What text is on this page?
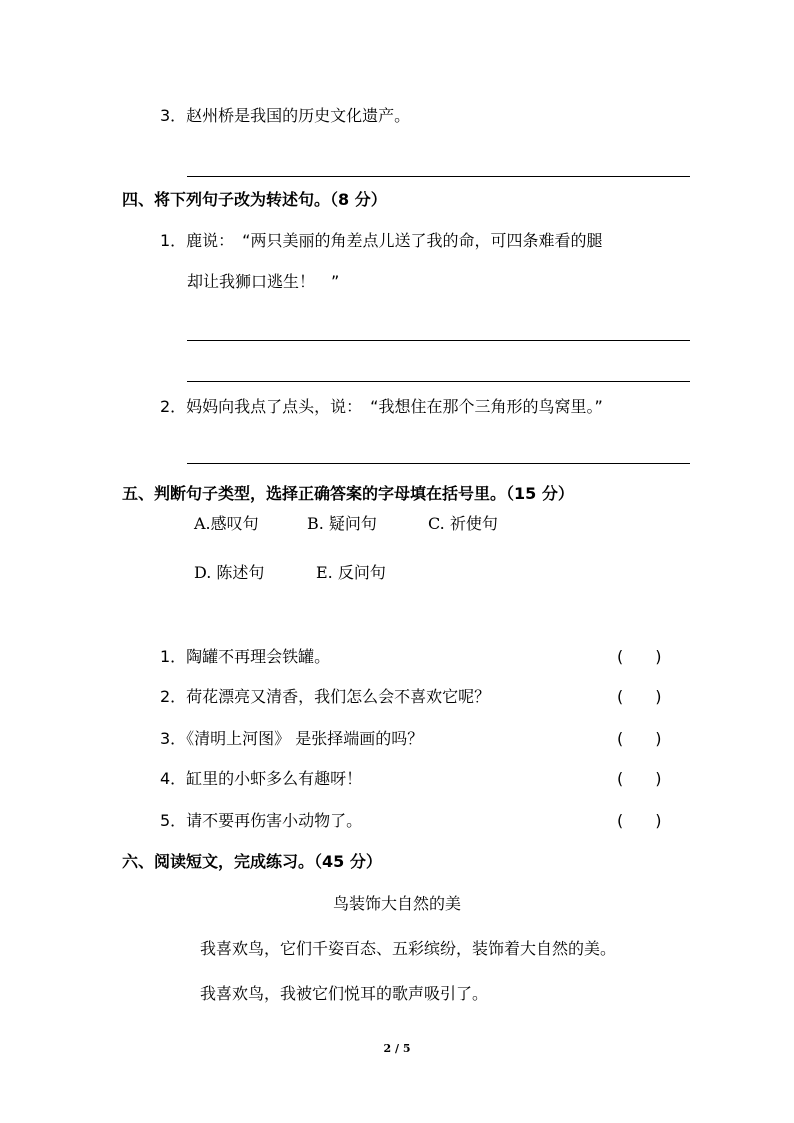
3．赵州桥是我国的历史文化遗产。
四、将下列句子改为转述句。（8 分）
1．鹿说：　“两只美丽的角差点儿送了我的命，可四条难看的腿
却让我狮口逃生！　”
2．妈妈向我点了点头，说：　“我想住在那个三角形的鸟窝里。”
五、判断句子类型，选择正确答案的字母填在括号里。（15 分）
A.感叹句	B. 疑问句	C. 祈使句
D. 陈述句	E. 反问句
1．陶罐不再理会铁罐。	(　　)
2．荷花漂亮又清香，我们怎么会不喜欢它呢？	(　　)
3．《清明上河图》 是张择端画的吗？	(　　)
4．缸里的小虾多么有趣呀！	(　　)
5．请不要再伤害小动物了。	(　　)
六、阅读短文，完成练习。（45 分）
鸟装饰大自然的美
我喜欢鸟，它们千姿百态、五彩缤纷，装饰着大自然的美。
我喜欢鸟，我被它们悦耳的歌声吸引了。
2 / 5
